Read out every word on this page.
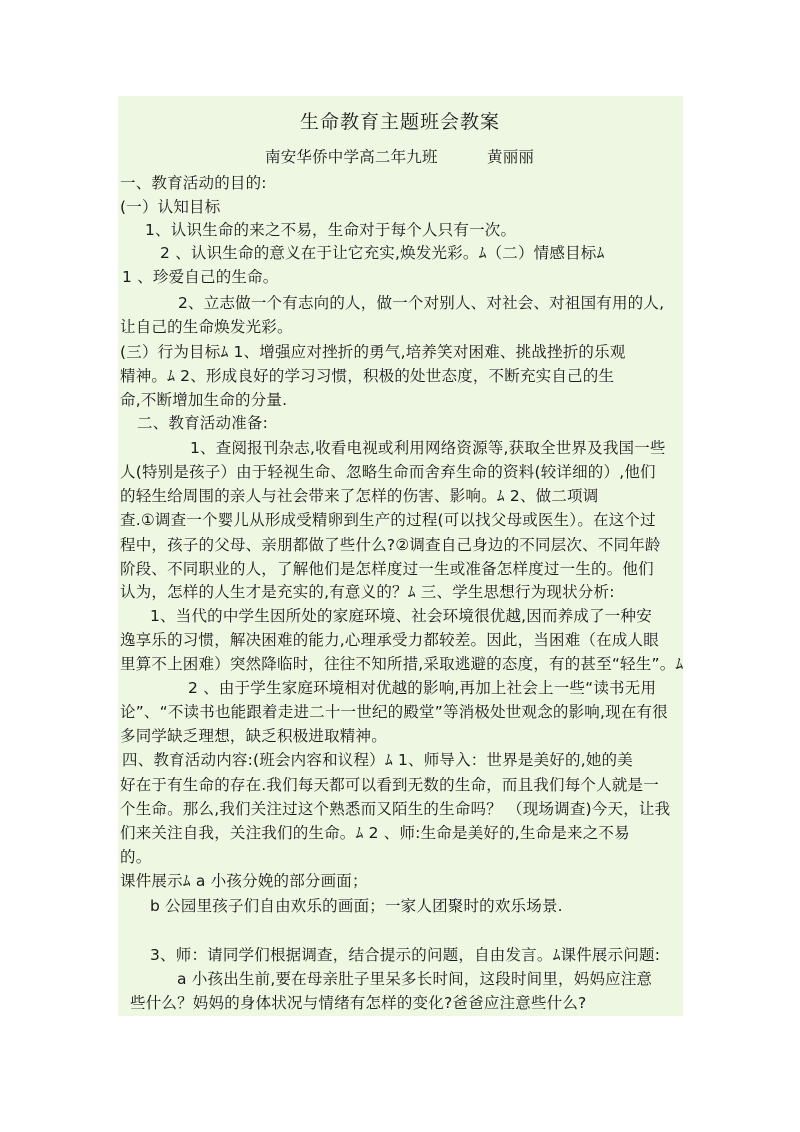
生命教育主题班会教案
南安华侨中学高二年九班	黄丽丽
一、教育活动的目的:
(一）认知目标
1、认识生命的来之不易，生命对于每个人只有一次。
2 、认识生命的意义在于让它充实,焕发光彩。ﾑ（二）情感目标ﾑ
1 、珍爱自己的生命。
2、立志做一个有志向的人，做一个对别人、对社会、对祖国有用的人,
让自己的生命焕发光彩。
(三）行为目标ﾑ 1、增强应对挫折的勇气,培养笑对困难、挑战挫折的乐观
精神。ﾑ 2、形成良好的学习习惯，积极的处世态度，不断充实自己的生
命,不断增加生命的分量.
二、教育活动准备:
1、查阅报刊杂志,收看电视或利用网络资源等,获取全世界及我国一些
人(特别是孩子）由于轻视生命、忽略生命而舍弃生命的资料(较详细的）,他们
的轻生给周围的亲人与社会带来了怎样的伤害、影响。ﾑ 2、做二项调
查.①调查一个婴儿从形成受精卵到生产的过程(可以找父母或医生）。在这个过
程中，孩子的父母、亲朋都做了些什么?②调查自己身边的不同层次、不同年龄
阶段、不同职业的人，了解他们是怎样度过一生或准备怎样度过一生的。他们
认为，怎样的人生才是充实的,有意义的？ﾑ 三、学生思想行为现状分析:
1、当代的中学生因所处的家庭环境、社会环境很优越,因而养成了一种安
逸享乐的习惯，解决困难的能力,心理承受力都较差。因此，当困难（在成人眼
里算不上困难）突然降临时，往往不知所措,采取逃避的态度，有的甚至“轻生”。ﾑ
2 、由于学生家庭环境相对优越的影响,再加上社会上一些“读书无用
论”、“不读书也能跟着走进二十一世纪的殿堂”等消极处世观念的影响,现在有很
多同学缺乏理想，缺乏积极进取精神。
四、教育活动内容:(班会内容和议程）ﾑ 1、师导入：世界是美好的,她的美
好在于有生命的存在.我们每天都可以看到无数的生命，而且我们每个人就是一
个生命。那么,我们关注过这个熟悉而又陌生的生命吗？ （现场调查)今天，让我
们来关注自我，关注我们的生命。ﾑ 2 、师:生命是美好的,生命是来之不易
的。
课件展示ﾑ a 小孩分娩的部分画面；
b 公园里孩子们自由欢乐的画面；一家人团聚时的欢乐场景.
3、师：请同学们根据调查，结合提示的问题，自由发言。ﾑ课件展示问题:
a 小孩出生前,要在母亲肚子里呆多长时间，这段时间里，妈妈应注意
些什么？妈妈的身体状况与情绪有怎样的变化?爸爸应注意些什么?
